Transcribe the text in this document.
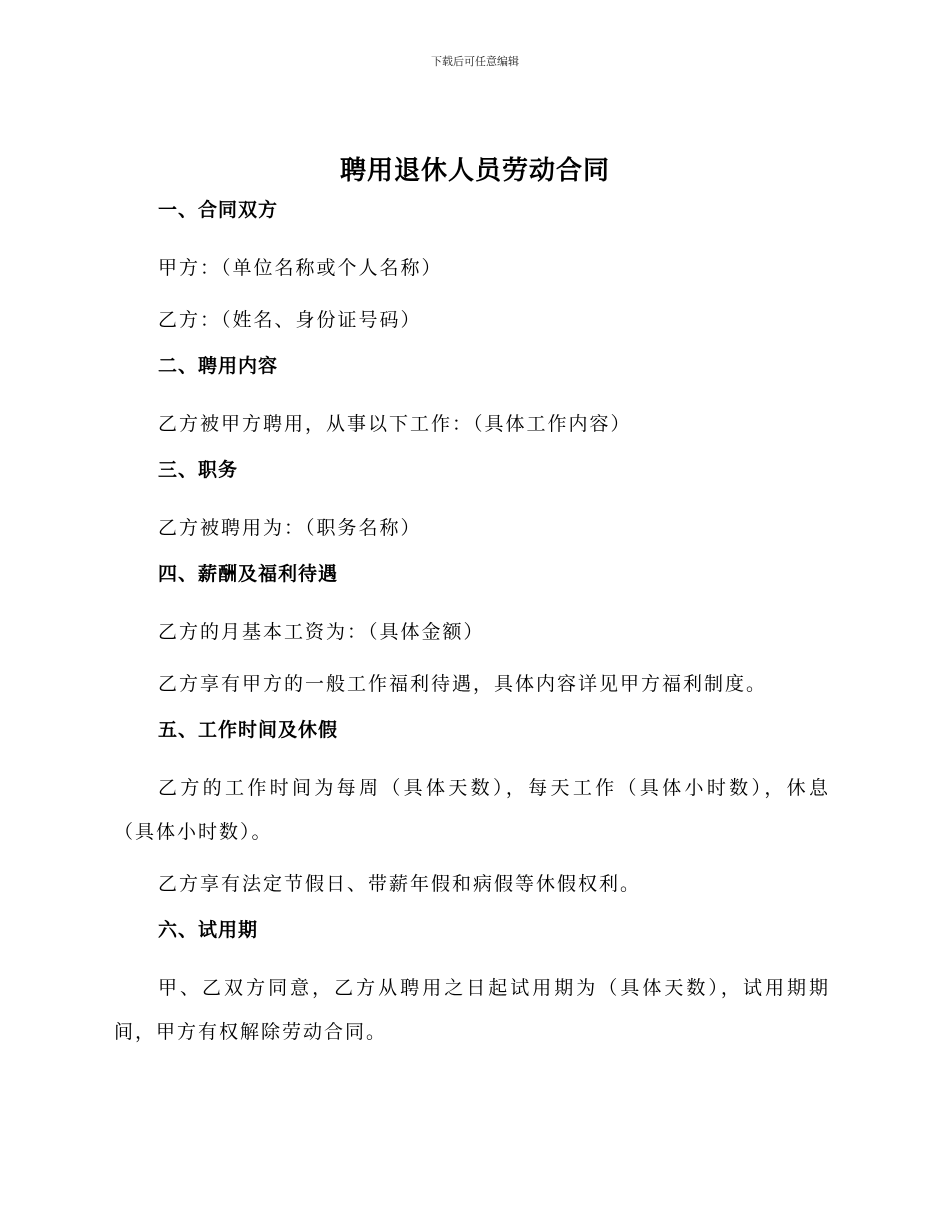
下载后可任意编辑
聘用退休人员劳动合同
一、合同双方

甲方：（单位名称或个人名称）

乙方：（姓名、身份证号码）

二、聘用内容

乙方被甲方聘用，从事以下工作：（具体工作内容）

三、职务

乙方被聘用为：（职务名称）

四、薪酬及福利待遇

乙方的月基本工资为：（具体金额）

乙方享有甲方的一般工作福利待遇，具体内容详见甲方福利制度。

五、工作时间及休假

乙方的工作时间为每周（具体天数），每天工作（具体小时数），休息（具体小时数）。

乙方享有法定节假日、带薪年假和病假等休假权利。

六、试用期

甲、乙双方同意，乙方从聘用之日起试用期为（具体天数），试用期期间，甲方有权解除劳动合同。
